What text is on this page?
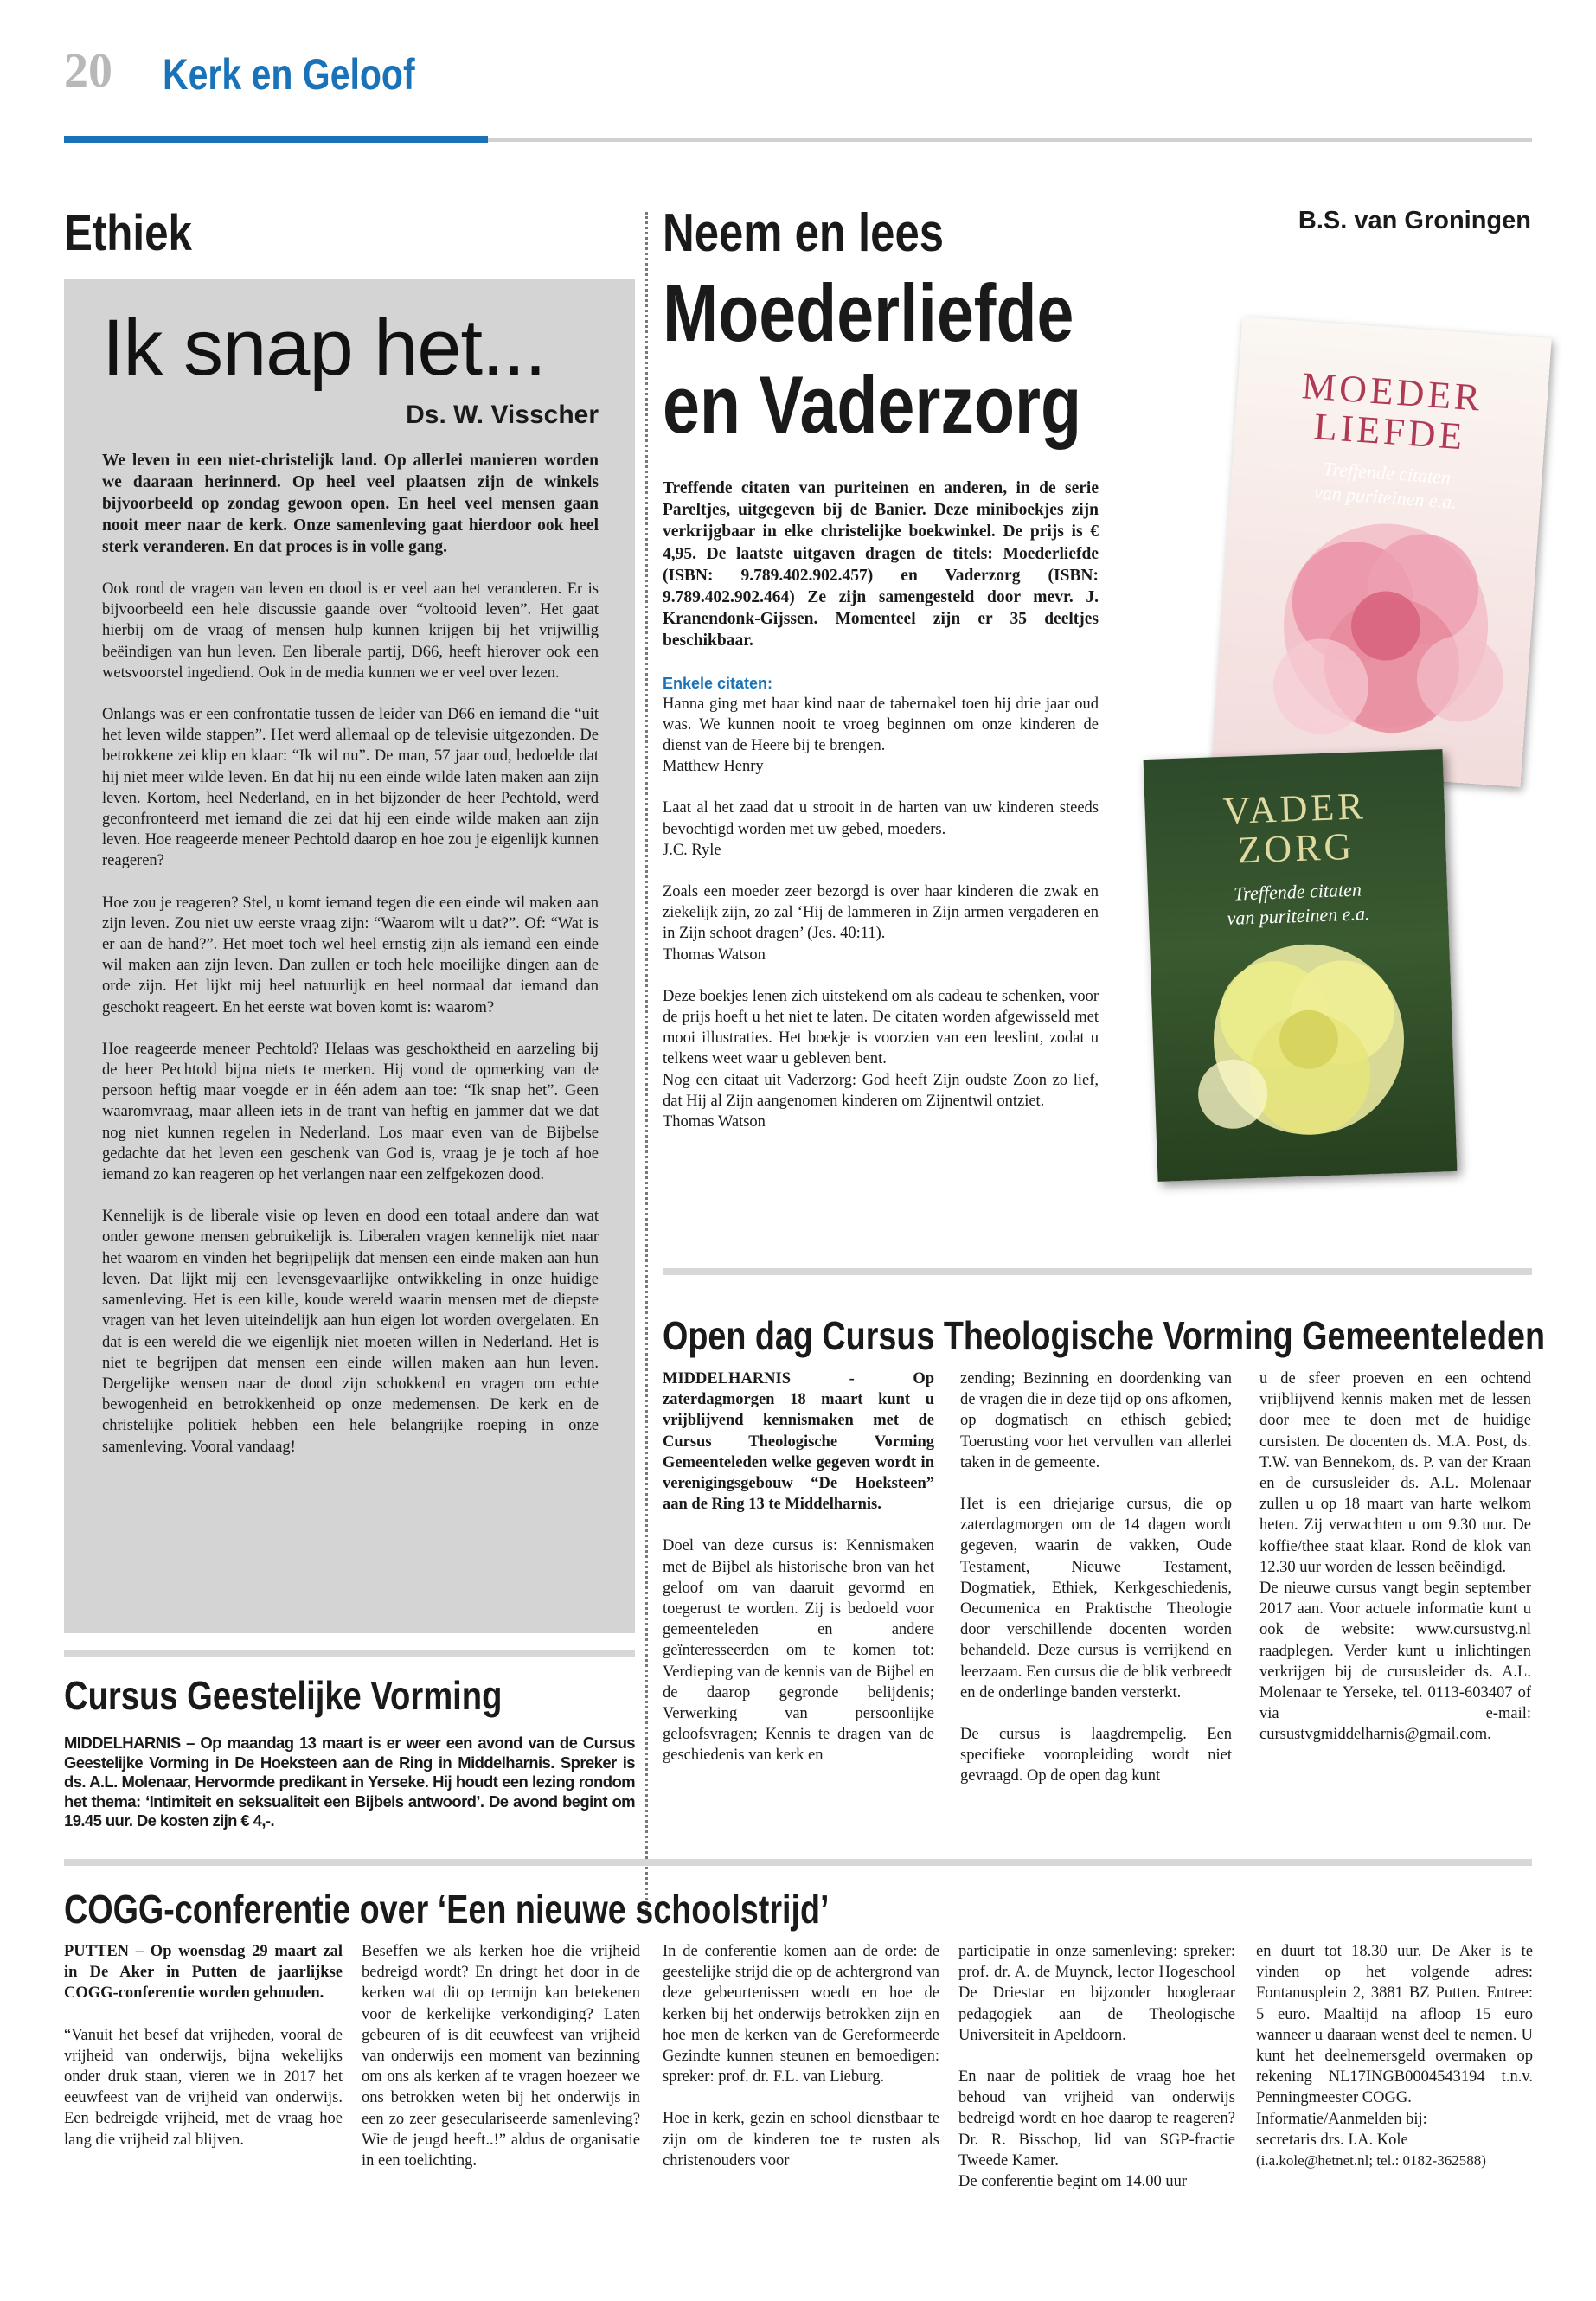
20 Kerk en Geloof
Ethiek
Ik snap het...
Ds. W. Visscher
We leven in een niet-christelijk land. Op allerlei manieren worden we daaraan herinnerd. Op heel veel plaatsen zijn de winkels bijvoorbeeld op zondag gewoon open. En heel veel mensen gaan nooit meer naar de kerk. Onze samenleving gaat hierdoor ook heel sterk veranderen. En dat proces is in volle gang.
Ook rond de vragen van leven en dood is er veel aan het veranderen. Er is bijvoorbeeld een hele discussie gaande over “voltooid leven”. Het gaat hierbij om de vraag of mensen hulp kunnen krijgen bij het vrijwillig beëindigen van hun leven. Een liberale partij, D66, heeft hierover ook een wetsvoorstel ingediend. Ook in de media kunnen we er veel over lezen.
Onlangs was er een confrontatie tussen de leider van D66 en iemand die “uit het leven wilde stappen”. Het werd allemaal op de televisie uitgezonden. De betrokkene zei klip en klaar: “Ik wil nu”. De man, 57 jaar oud, bedoelde dat hij niet meer wilde leven. En dat hij nu een einde wilde laten maken aan zijn leven. Kortom, heel Nederland, en in het bijzonder de heer Pechtold, werd geconfronteerd met iemand die zei dat hij een einde wilde maken aan zijn leven. Hoe reageerde meneer Pechtold daarop en hoe zou je eigenlijk kunnen reageren?
Hoe zou je reageren? Stel, u komt iemand tegen die een einde wil maken aan zijn leven. Zou niet uw eerste vraag zijn: “Waarom wilt u dat?”. Of: “Wat is er aan de hand?”. Het moet toch wel heel ernstig zijn als iemand een einde wil maken aan zijn leven. Dan zullen er toch hele moeilijke dingen aan de orde zijn. Het lijkt mij heel natuurlijk en heel normaal dat iemand dan geschokt reageert. En het eerste wat boven komt is: waarom?
Hoe reageerde meneer Pechtold? Helaas was geschoktheid en aarzeling bij de heer Pechtold bijna niets te merken. Hij vond de opmerking van de persoon heftig maar voegde er in één adem aan toe: “Ik snap het”. Geen waaromvraag, maar alleen iets in de trant van heftig en jammer dat we dat nog niet kunnen regelen in Nederland. Los maar even van de Bijbelse gedachte dat het leven een geschenk van God is, vraag je je toch af hoe iemand zo kan reageren op het verlangen naar een zelfgekozen dood.
Kennelijk is de liberale visie op leven en dood een totaal andere dan wat onder gewone mensen gebruikelijk is. Liberalen vragen kennelijk niet naar het waarom en vinden het begrijpelijk dat mensen een einde maken aan hun leven. Dat lijkt mij een levensgevaarlijke ontwikkeling in onze huidige samenleving. Het is een kille, koude wereld waarin mensen met de diepste vragen van het leven uiteindelijk aan hun eigen lot worden overgelaten. En dat is een wereld die we eigenlijk niet moeten willen in Nederland. Het is niet te begrijpen dat mensen een einde willen maken aan hun leven. Dergelijke wensen naar de dood zijn schokkend en vragen om echte bewogenheid en betrokkenheid op onze medemensen. De kerk en de christelijke politiek hebben een hele belangrijke roeping in onze samenleving. Vooral vandaag!
Cursus Geestelijke Vorming
MIDDELHARNIS – Op maandag 13 maart is er weer een avond van de Cursus Geestelijke Vorming in De Hoeksteen aan de Ring in Middelharnis. Spreker is ds. A.L. Molenaar, Hervormde predikant in Yerseke. Hij houdt een lezing rondom het thema: ‘Intimiteit en seksualiteit een Bijbels antwoord’. De avond begint om 19.45 uur. De kosten zijn € 4,-.
Neem en lees	B.S. van Groningen
Moederliefde
en Vaderzorg
Treffende citaten van puriteinen en anderen, in de serie Pareltjes, uitgegeven bij de Banier. Deze miniboekjes zijn verkrijgbaar in elke christelijke boekwinkel. De prijs is € 4,95. De laatste uitgaven dragen de titels: Moederliefde (ISBN: 9.789.402.902.457) en Vaderzorg (ISBN: 9.789.402.902.464) Ze zijn samengesteld door mevr. J. Kranendonk-Gijssen. Momenteel zijn er 35 deeltjes beschikbaar.
Enkele citaten:
Hanna ging met haar kind naar de tabernakel toen hij drie jaar oud was. We kunnen nooit te vroeg beginnen om onze kinderen de dienst van de Heere bij te brengen.
Matthew Henry
Laat al het zaad dat u strooit in de harten van uw kinderen steeds bevochtigd worden met uw gebed, moeders.
J.C. Ryle
Zoals een moeder zeer bezorgd is over haar kinderen die zwak en ziekelijk zijn, zo zal ‘Hij de lammeren in Zijn armen vergaderen en in Zijn schoot dragen’ (Jes. 40:11).
Thomas Watson
Deze boekjes lenen zich uitstekend om als cadeau te schenken, voor de prijs hoeft u het niet te laten. De citaten worden afgewisseld met mooi illustraties. Het boekje is voorzien van een leeslint, zodat u telkens weet waar u gebleven bent.
Nog een citaat uit Vaderzorg: God heeft Zijn oudste Zoon zo lief, dat Hij al Zijn aangenomen kinderen om Zijnentwil ontziet.
Thomas Watson
MOEDER
LIEFDE
Treffende citaten
van puriteinen e.a.
VADER
ZORG
Treffende citaten
van puriteinen e.a.
Open dag Cursus Theologische Vorming Gemeenteleden
MIDDELHARNIS - Op zaterdagmorgen 18 maart kunt u vrijblijvend kennismaken met de Cursus Theologische Vorming Gemeenteleden welke gegeven wordt in verenigingsgebouw “De Hoeksteen” aan de Ring 13 te Middelharnis.
Doel van deze cursus is: Kennismaken met de Bijbel als historische bron van het geloof om van daaruit gevormd en toegerust te worden. Zij is bedoeld voor gemeenteleden en andere geïnteresseerden om te komen tot: Verdieping van de kennis van de Bijbel en de daarop gegronde belijdenis; Verwerking van persoonlijke geloofsvragen; Kennis te dragen van de geschiedenis van kerk en
zending; Bezinning en doordenking van de vragen die in deze tijd op ons afkomen, op dogmatisch en ethisch gebied; Toerusting voor het vervullen van allerlei taken in de gemeente.
Het is een driejarige cursus, die op zaterdagmorgen om de 14 dagen wordt gegeven, waarin de vakken, Oude Testament, Nieuwe Testament, Dogmatiek, Ethiek, Kerkgeschiedenis, Oecumenica en Praktische Theologie door verschillende docenten worden behandeld. Deze cursus is verrijkend en leerzaam. Een cursus die de blik verbreedt en de onderlinge banden versterkt.
De cursus is laagdrempelig. Een specifieke vooropleiding wordt niet gevraagd. Op de open dag kunt
u de sfeer proeven en een ochtend vrijblijvend kennis maken met de lessen door mee te doen met de huidige cursisten. De docenten ds. M.A. Post, ds. T.W. van Bennekom, ds. P. van der Kraan en de cursusleider ds. A.L. Molenaar zullen u op 18 maart van harte welkom heten. Zij verwachten u om 9.30 uur. De koffie/thee staat klaar. Rond de klok van 12.30 uur worden de lessen beëindigd.
De nieuwe cursus vangt begin september 2017 aan. Voor actuele informatie kunt u ook de website: www.cursustvg.nl raadplegen. Verder kunt u inlichtingen verkrijgen bij de cursusleider ds. A.L. Molenaar te Yerseke, tel. 0113-603407 of via e-mail: cursustvgmiddelharnis@gmail.com.
COGG-conferentie over ‘Een nieuwe schoolstrijd’
PUTTEN – Op woensdag 29 maart zal in De Aker in Putten de jaarlijkse COGG-conferentie worden gehouden.
“Vanuit het besef dat vrijheden, vooral de vrijheid van onderwijs, bijna wekelijks onder druk staan, vieren we in 2017 het eeuwfeest van de vrijheid van onderwijs. Een bedreigde vrijheid, met de vraag hoe lang die vrijheid zal blijven.
Beseffen we als kerken hoe die vrijheid bedreigd wordt? En dringt het door in de kerken wat dit op termijn kan betekenen voor de kerkelijke verkondiging? Laten gebeuren of is dit eeuwfeest van vrijheid van onderwijs een moment van bezinning om ons als kerken af te vragen hoezeer we ons betrokken weten bij het onderwijs in een zo zeer geseculariseerde samenleving? Wie de jeugd heeft..!” aldus de organisatie in een toelichting.
In de conferentie komen aan de orde: de geestelijke strijd die op de achtergrond van deze gebeurtenissen woedt en hoe de kerken bij het onderwijs betrokken zijn en hoe men de kerken van de Gereformeerde Gezindte kunnen steunen en bemoedigen: spreker: prof. dr. F.L. van Lieburg.
Hoe in kerk, gezin en school dienstbaar te zijn om de kinderen toe te rusten als christenouders voor
participatie in onze samenleving: spreker: prof. dr. A. de Muynck, lector Hogeschool De Driestar en bijzonder hoogleraar pedagogiek aan de Theologische Universiteit in Apeldoorn.
En naar de politiek de vraag hoe het behoud van vrijheid van onderwijs bedreigd wordt en hoe daarop te reageren? Dr. R. Bisschop, lid van SGP-fractie Tweede Kamer.
De conferentie begint om 14.00 uur
en duurt tot 18.30 uur. De Aker is te vinden op het volgende adres: Fontanusplein 2, 3881 BZ Putten. Entree: 5 euro. Maaltijd na afloop 15 euro wanneer u daaraan wenst deel te nemen. U kunt het deelnemersgeld overmaken op rekening NL17INGB0004543194 t.n.v. Penningmeester COGG.
Informatie/Aanmelden bij:
secretaris drs. I.A. Kole
(i.a.kole@hetnet.nl; tel.: 0182-362588)
